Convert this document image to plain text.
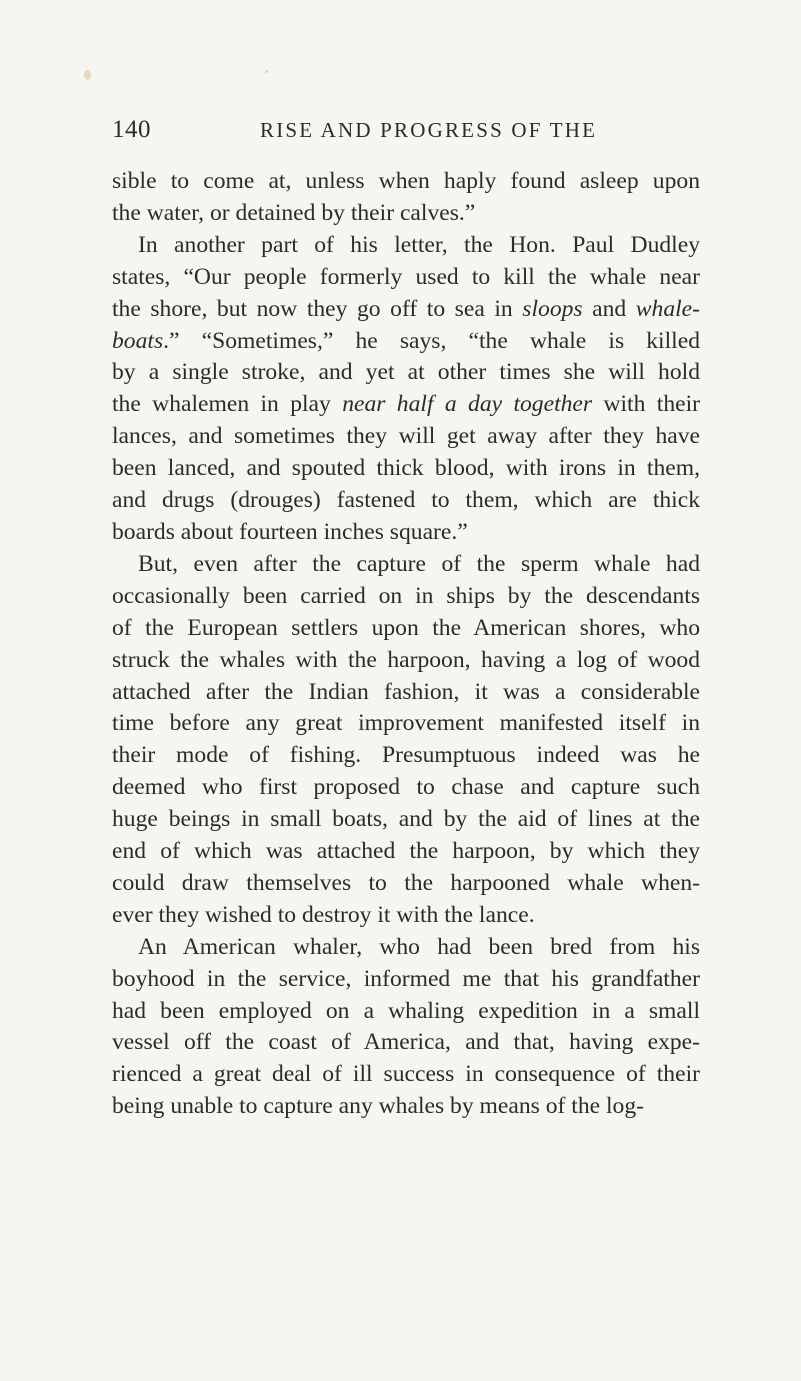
140	RISE AND PROGRESS OF THE
sible to come at, unless when haply found asleep upon
the water, or detained by their calves.”
In another part of his letter, the Hon. Paul Dudley
states, “Our people formerly used to kill the whale near
the shore, but now they go off to sea in sloops and whale-
boats.” “Sometimes,” he says, “the whale is killed
by a single stroke, and yet at other times she will hold
the whalemen in play near half a day together with their
lances, and sometimes they will get away after they have
been lanced, and spouted thick blood, with irons in them,
and drugs (drouges) fastened to them, which are thick
boards about fourteen inches square.”
But, even after the capture of the sperm whale had
occasionally been carried on in ships by the descendants
of the European settlers upon the American shores, who
struck the whales with the harpoon, having a log of wood
attached after the Indian fashion, it was a considerable
time before any great improvement manifested itself in
their mode of fishing. Presumptuous indeed was he
deemed who first proposed to chase and capture such
huge beings in small boats, and by the aid of lines at the
end of which was attached the harpoon, by which they
could draw themselves to the harpooned whale when-
ever they wished to destroy it with the lance.
An American whaler, who had been bred from his
boyhood in the service, informed me that his grandfather
had been employed on a whaling expedition in a small
vessel off the coast of America, and that, having expe-
rienced a great deal of ill success in consequence of their
being unable to capture any whales by means of the log-
